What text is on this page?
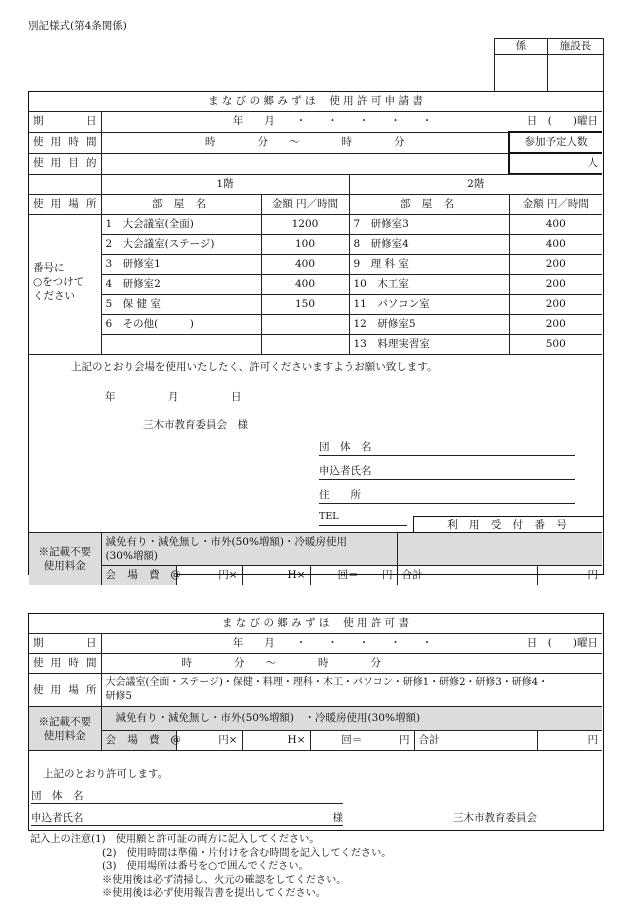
別記様式(第4条関係)
係	施設長

ま な び の 郷 み ず ほ　 使 用 許 可 申 請 書		
期　　日	年　　月　　・　　・　　・　　・　　・　　　　　　　　　日　(　　)曜日	
使用時間	時　　　　分　　～　　　　時　　　　分	参加予定人数
使用目的		人
	1階		2階	
使用場所	部 屋 名	金額 円／時間	部 屋 名	金額 円／時間

番号に
○をつけて
ください	1　大会議室(全面)	1200	7　研修室3	400
	2　大会議室(ステージ)	100	8　研修室4	400
	3　研修室1	400	9　理 科 室	200
	4　研修室2	400	10　木工室	200
	5　保 健 室	150	11　パソコン室	200
	6　その他(　　　)		12　研修室5	200
			13　料理実習室	500
上記のとおり会場を使用いたしたく、許可くださいますようお願い致します。
年　　　　　月　　　　　日
三木市教育委員会　様
団　体　名
申込者氏名
住　　所
TEL
利 用 受 付 番 号
※記載不要
使用料金	減免有り・減免無し・市外(50%増額)・冷暖房使用
(30%増額)					
	会 場 費 @	円×	H×	回＝ 円	合計	円
ま な び の 郷 み ず ほ　 使 用 許 可 書	
期　　日	年　　月　　・　　・　　・　　・　　・　　　　　　　　　日　(　　)曜日
使用時間	時　　　　分　　～　　　　時　　　　分
使用場所	大会議室(全面・ステージ)・保健・料理・理科・木工・パソコン・研修1・研修2・研修3・研修4・
研修5
※記載不要
使用料金	減免有り・減免無し・市外(50%増額)　・冷暖房使用(30%増額)					
	会 場 費 @	円×	H×	回＝ 円	合計	円
上記のとおり許可します。
団　体　名
申込者氏名	様	三木市教育委員会
記入上の注意(1)　使用願と許可証の両方に記入してください。
(2)　使用時間は準備・片付けを含む時間を記入してください。
(3)　使用場所は番号を○で囲んでください。
※使用後は必ず清掃し、火元の確認をしてください。
※使用後は必ず使用報告書を提出してください。
